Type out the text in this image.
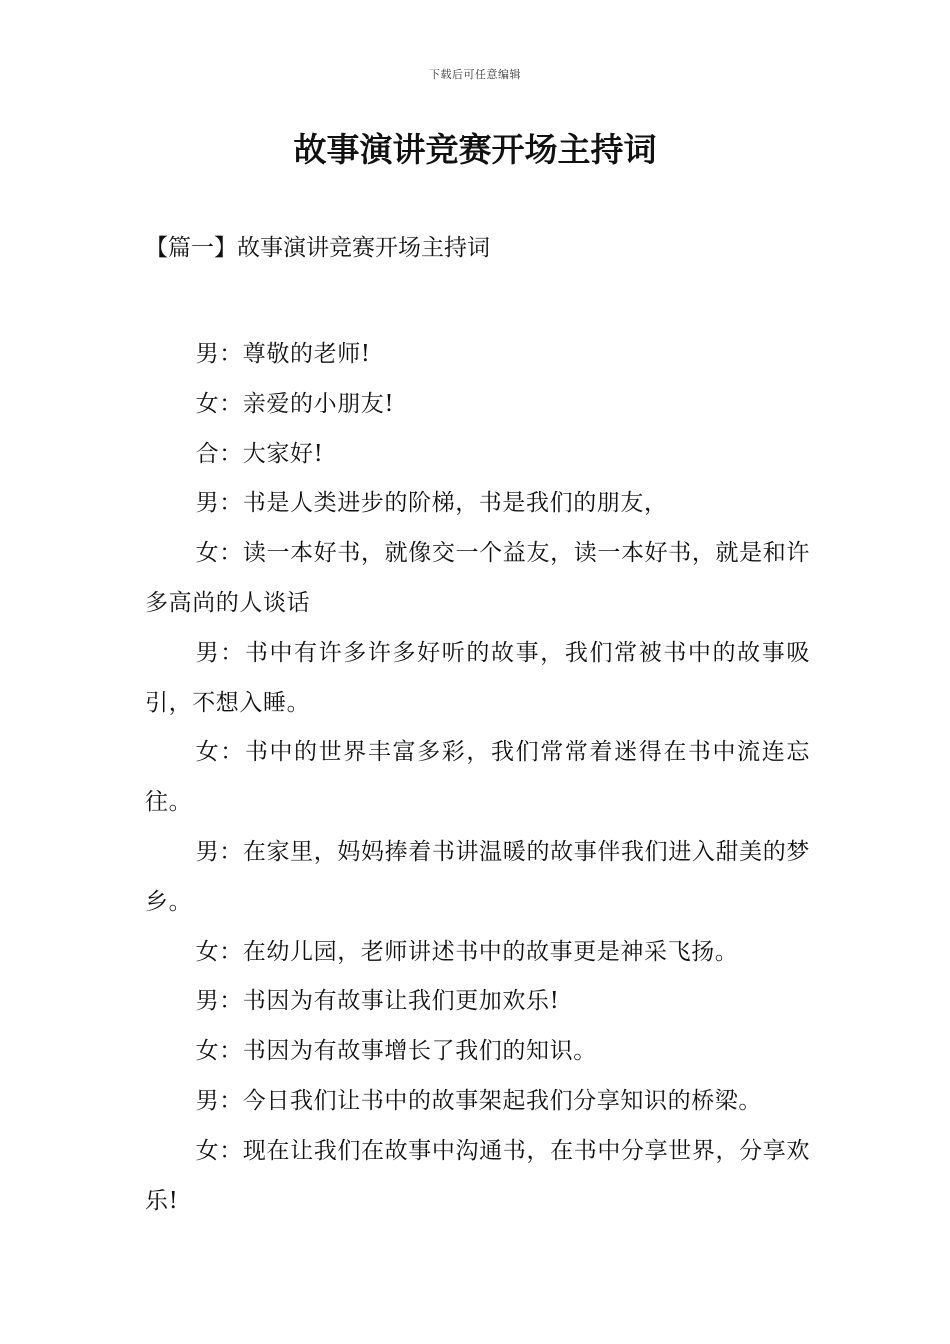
下载后可任意编辑
故事演讲竞赛开场主持词
【篇一】故事演讲竞赛开场主持词

男：尊敬的老师!

女：亲爱的小朋友!

合：大家好!

男：书是人类进步的阶梯，书是我们的朋友，

女：读一本好书，就像交一个益友，读一本好书，就是和许多高尚的人谈话

男：书中有许多许多好听的故事，我们常被书中的故事吸引，不想入睡。

女：书中的世界丰富多彩，我们常常着迷得在书中流连忘往。

男：在家里，妈妈捧着书讲温暖的故事伴我们进入甜美的梦乡。

女：在幼儿园，老师讲述书中的故事更是神采飞扬。

男：书因为有故事让我们更加欢乐!

女：书因为有故事增长了我们的知识。

男：今日我们让书中的故事架起我们分享知识的桥梁。

女：现在让我们在故事中沟通书，在书中分享世界，分享欢乐!
